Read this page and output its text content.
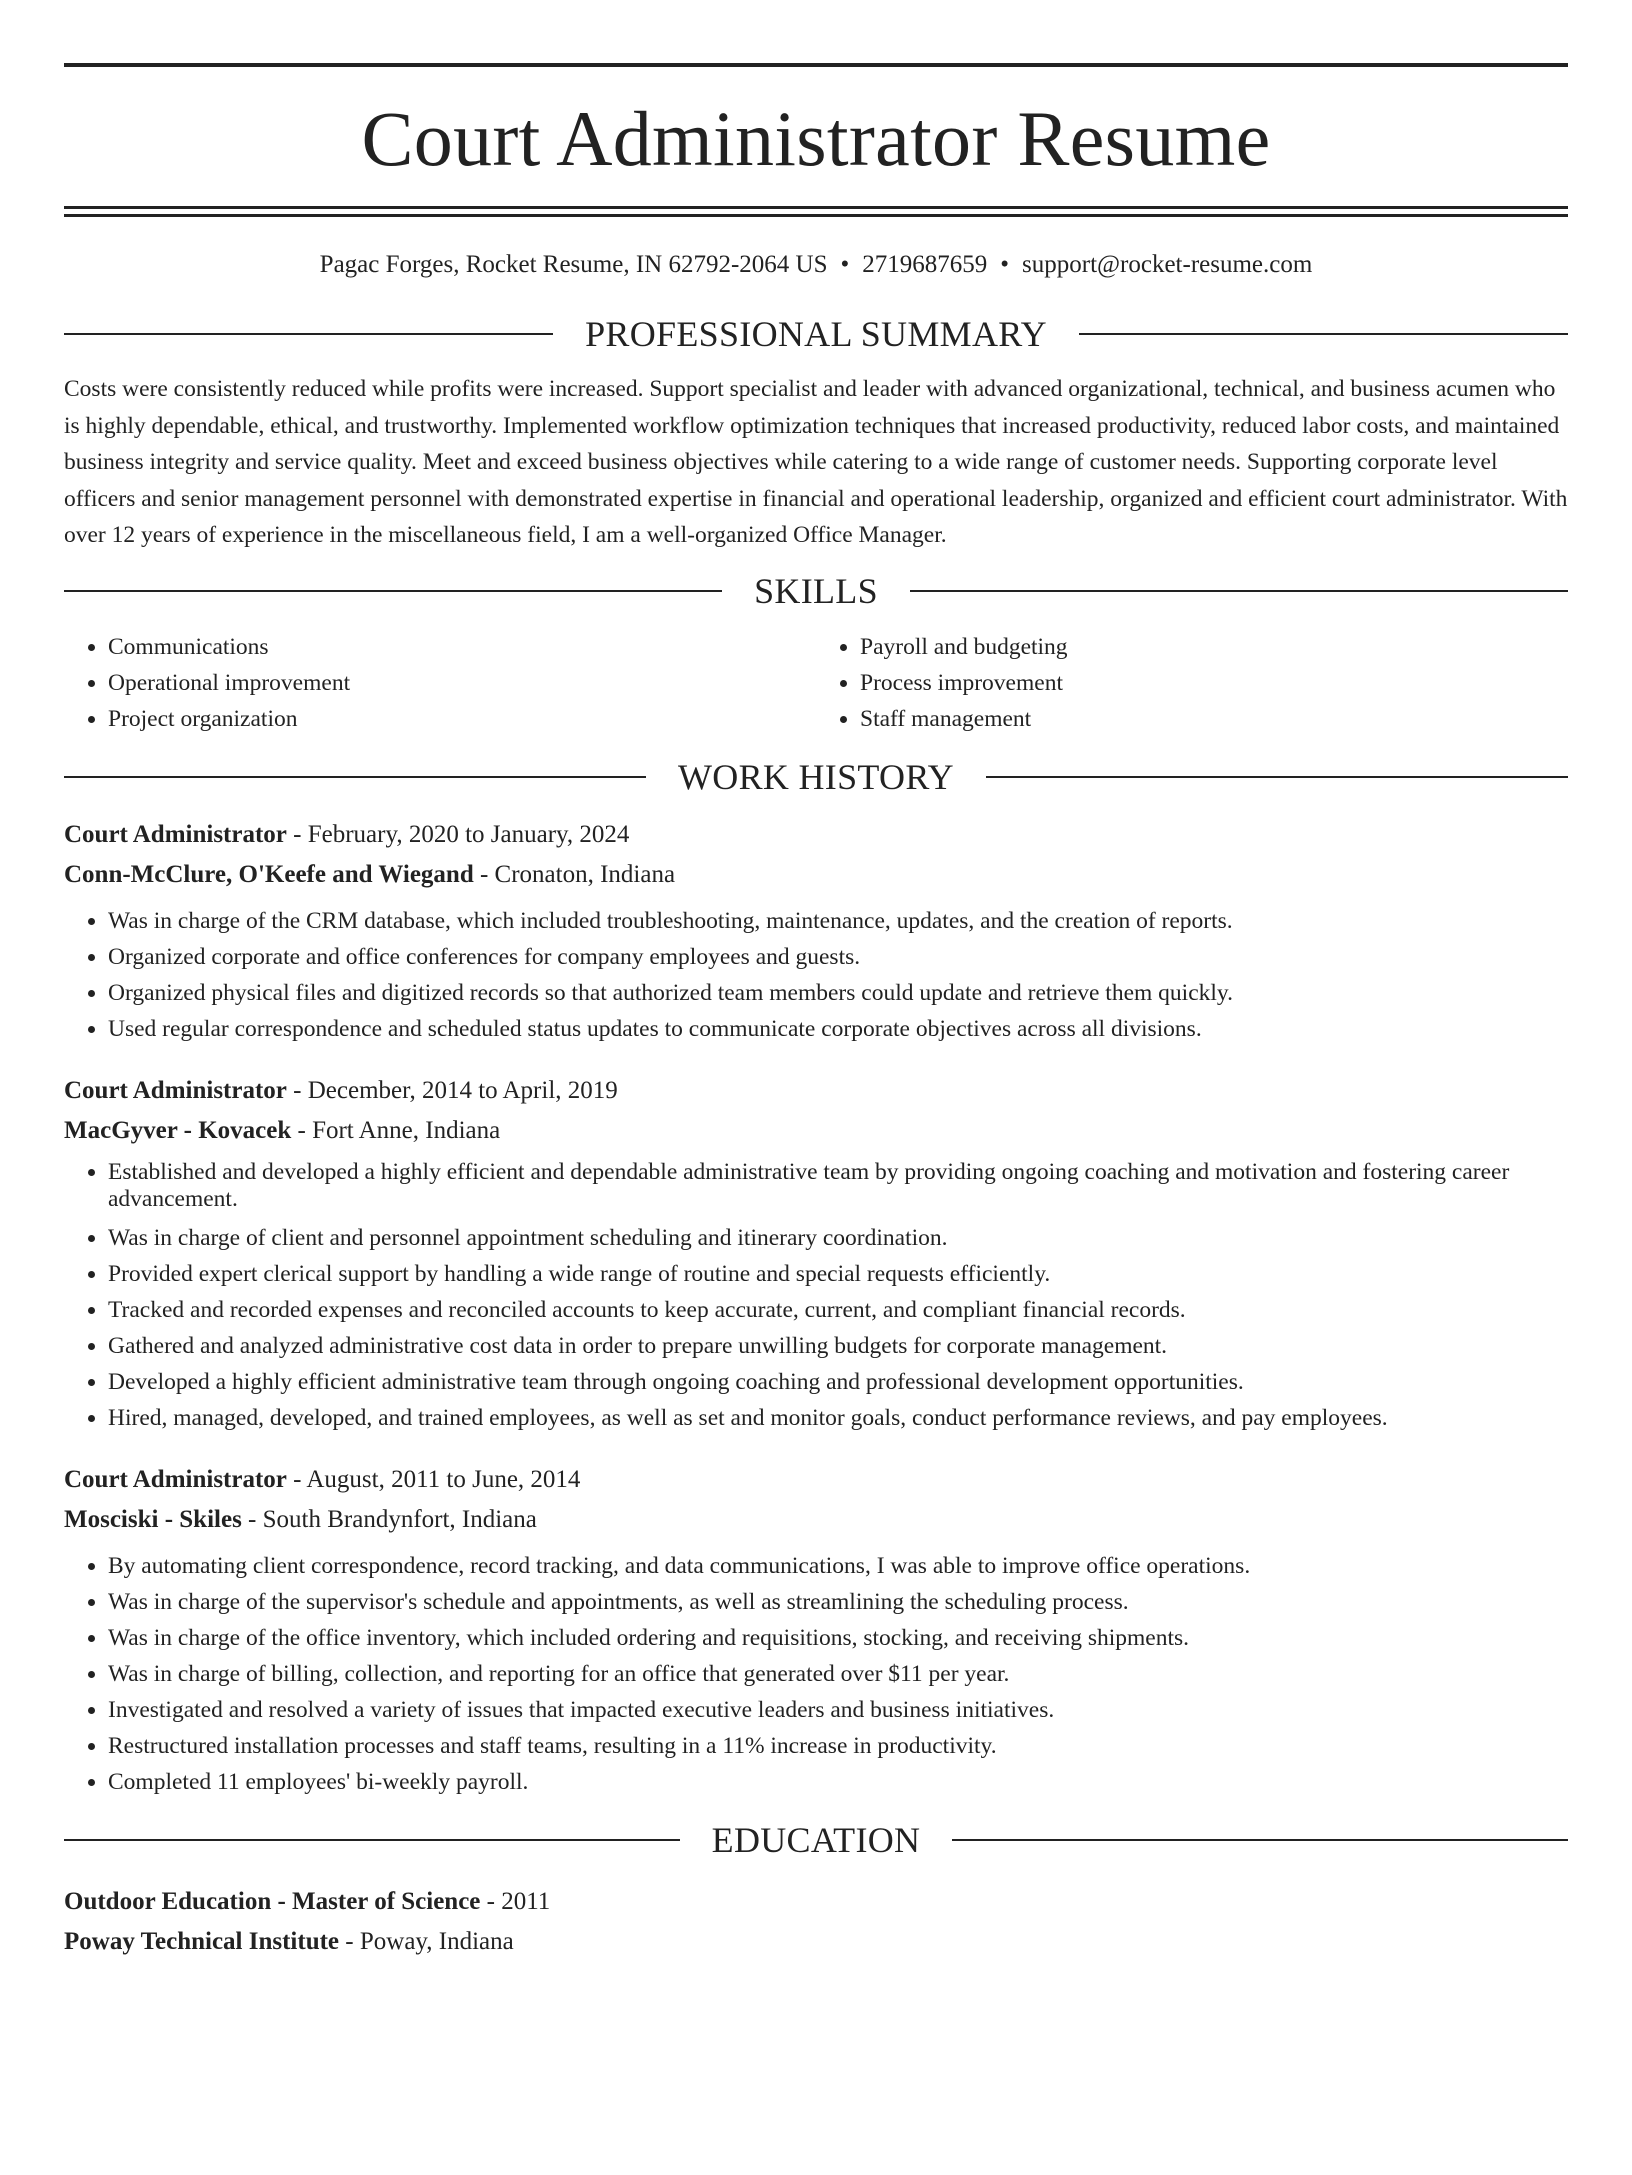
Court Administrator Resume
Pagac Forges, Rocket Resume, IN 62792-2064 US • 2719687659 • support@rocket-resume.com
PROFESSIONAL SUMMARY

Costs were consistently reduced while profits were increased. Support specialist and leader with advanced organizational, technical, and business acumen who is highly dependable, ethical, and trustworthy. Implemented workflow optimization techniques that increased productivity, reduced labor costs, and maintained business integrity and service quality. Meet and exceed business objectives while catering to a wide range of customer needs. Supporting corporate level officers and senior management personnel with demonstrated expertise in financial and operational leadership, organized and efficient court administrator. With over 12 years of experience in the miscellaneous field, I am a well-organized Office Manager.

SKILLS
• Communications
• Operational improvement
• Project organization
• Payroll and budgeting
• Process improvement
• Staff management
WORK HISTORY
Court Administrator - February, 2020 to January, 2024
Conn-McClure, O'Keefe and Wiegand - Cronaton, Indiana
• Was in charge of the CRM database, which included troubleshooting, maintenance, updates, and the creation of reports.
• Organized corporate and office conferences for company employees and guests.
• Organized physical files and digitized records so that authorized team members could update and retrieve them quickly.
• Used regular correspondence and scheduled status updates to communicate corporate objectives across all divisions.
Court Administrator - December, 2014 to April, 2019
MacGyver - Kovacek - Fort Anne, Indiana
• Established and developed a highly efficient and dependable administrative team by providing ongoing coaching and motivation and fostering career advancement.
• Was in charge of client and personnel appointment scheduling and itinerary coordination.
• Provided expert clerical support by handling a wide range of routine and special requests efficiently.
• Tracked and recorded expenses and reconciled accounts to keep accurate, current, and compliant financial records.
• Gathered and analyzed administrative cost data in order to prepare unwilling budgets for corporate management.
• Developed a highly efficient administrative team through ongoing coaching and professional development opportunities.
• Hired, managed, developed, and trained employees, as well as set and monitor goals, conduct performance reviews, and pay employees.
Court Administrator - August, 2011 to June, 2014
Mosciski - Skiles - South Brandynfort, Indiana
• By automating client correspondence, record tracking, and data communications, I was able to improve office operations.
• Was in charge of the supervisor's schedule and appointments, as well as streamlining the scheduling process.
• Was in charge of the office inventory, which included ordering and requisitions, stocking, and receiving shipments.
• Was in charge of billing, collection, and reporting for an office that generated over $11 per year.
• Investigated and resolved a variety of issues that impacted executive leaders and business initiatives.
• Restructured installation processes and staff teams, resulting in a 11% increase in productivity.
• Completed 11 employees' bi-weekly payroll.
EDUCATION
Outdoor Education - Master of Science - 2011
Poway Technical Institute - Poway, Indiana
